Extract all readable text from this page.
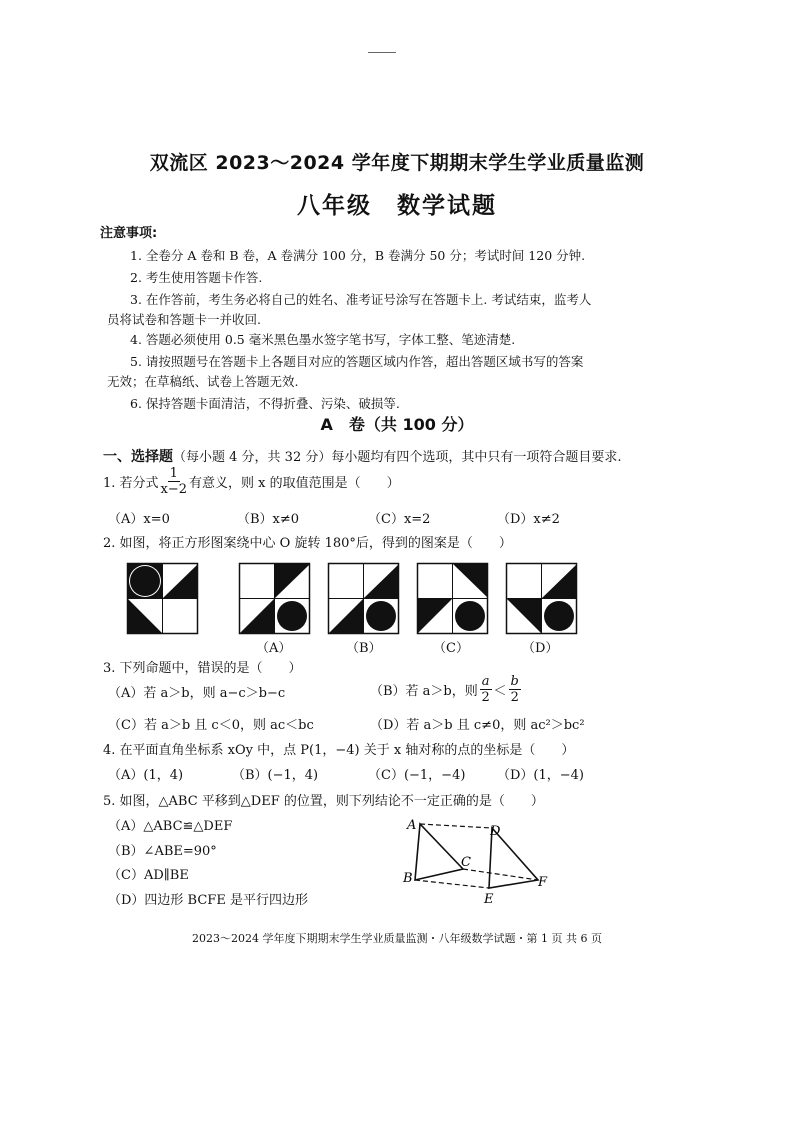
双流区 2023～2024 学年度下期期末学生学业质量监测
八年级　数学试题
注意事项:
1. 全卷分 A 卷和 B 卷，A 卷满分 100 分，B 卷满分 50 分；考试时间 120 分钟.
2. 考生使用答题卡作答.
3. 在作答前，考生务必将自己的姓名、准考证号涂写在答题卡上. 考试结束，监考人
员将试卷和答题卡一并收回.
4. 答题必须使用 0.5 毫米黑色墨水签字笔书写，字体工整、笔迹清楚.
5. 请按照题号在答题卡上各题目对应的答题区域内作答，超出答题区域书写的答案
无效；在草稿纸、试卷上答题无效.
6. 保持答题卡面清洁，不得折叠、污染、破损等.
A　卷（共 100 分）
一、选择题（每小题 4 分，共 32 分）每小题均有四个选项，其中只有一项符合题目要求.
1. 若分式 $\frac{1}{x-2}$ 有意义，则 x 的取值范围是（　　）
（A）x=0	（B）x≠0	（C）x=2	（D）x≠2
2. 如图，将正方形图案绕中心 O 旋转 180°后，得到的图案是（　　）
（A）	（B）	（C）	（D）
3. 下列命题中，错误的是（　　）
（A）若 a＞b，则 a−c＞b−c	（B）若 a＞b，则 $\frac{a}{2} < \frac{b}{2}$
（C）若 a＞b 且 c＜0，则 ac＜bc	（D）若 a＞b 且 c≠0，则 ac²＞bc²
4. 在平面直角坐标系 xOy 中，点 P(1，−4) 关于 x 轴对称的点的坐标是（　　）
（A）(1，4)	（B）(−1，4)	（C）(−1，−4) （D）(1，−4)
5. 如图，△ABC 平移到△DEF 的位置，则下列结论不一定正确的是（　　）
（A）△ABC≌△DEF
（B）∠ABE=90°
（C）AD∥BE
（D）四边形 BCFE 是平行四边形
A
B
C
D
E
F
2023～2024 学年度下期期末学生学业质量监测・八年级数学试题・第 1 页 共 6 页
